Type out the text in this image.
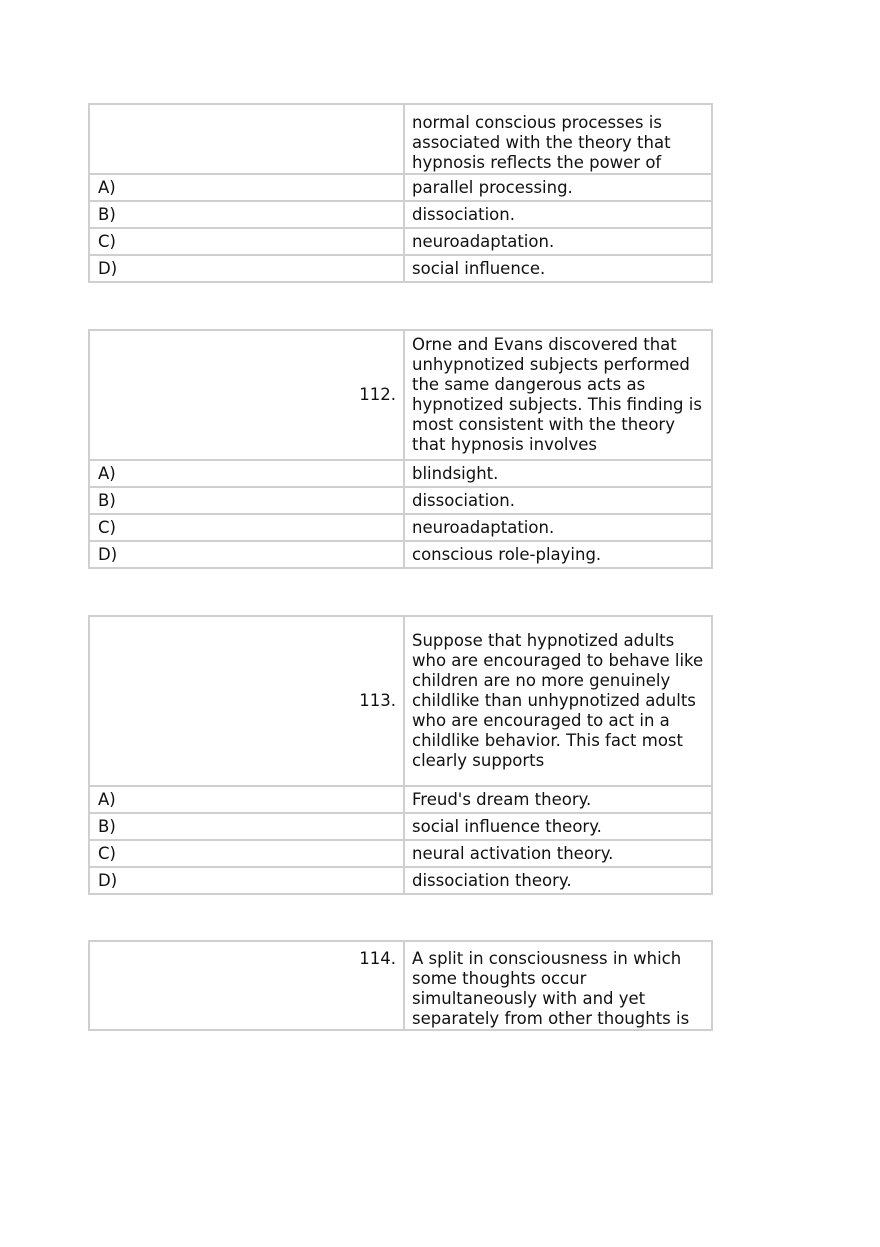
	normal conscious processes is associated with the theory that hypnosis reflects the power of
A)	parallel processing.
B)	dissociation.
C)	neuroadaptation.
D)	social influence.
112.	Orne and Evans discovered that unhypnotized subjects performed the same dangerous acts as hypnotized subjects. This finding is most consistent with the theory that hypnosis involves
A)	blindsight.
B)	dissociation.
C)	neuroadaptation.
D)	conscious role-playing.
113.	Suppose that hypnotized adults who are encouraged to behave like children are no more genuinely childlike than unhypnotized adults who are encouraged to act in a childlike behavior. This fact most clearly supports
A)	Freud's dream theory.
B)	social influence theory.
C)	neural activation theory.
D)	dissociation theory.
114.	A split in consciousness in which some thoughts occur simultaneously with and yet separately from other thoughts is
